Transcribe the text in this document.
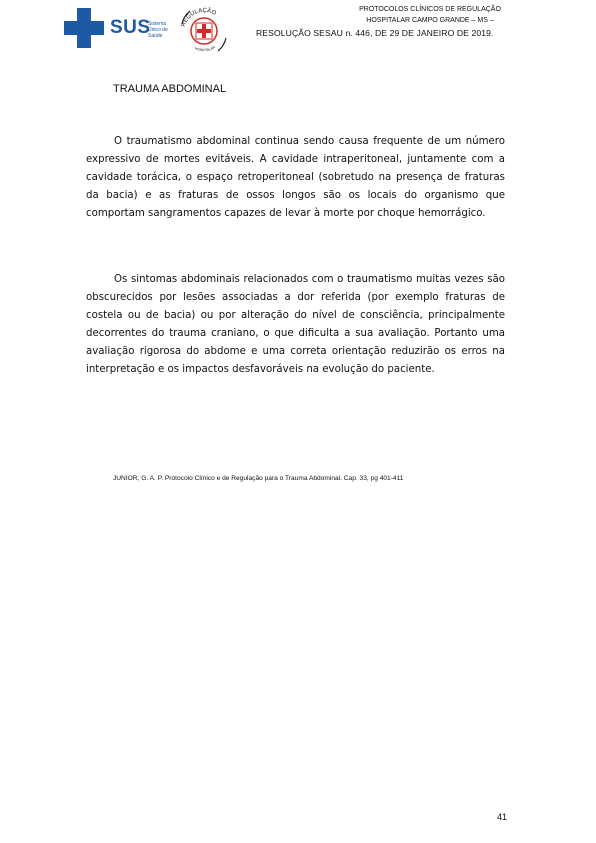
SUS
Sistema Único de Saúde
REGULAÇÃO
HOSPITALAR
PROTOCOLOS CLÍNICOS DE REGULAÇÃO
HOSPITALAR CAMPO GRANDE – MS –
RESOLUÇÃO SESAU n. 446, DE 29 DE JANEIRO DE 2019.
TRAUMA ABDOMINAL

O traumatismo abdominal continua sendo causa frequente de um número expressivo de mortes evitáveis. A cavidade intraperitoneal, juntamente com a cavidade torácica, o espaço retroperitoneal (sobretudo na presença de fraturas da bacia) e as fraturas de ossos longos são os locais do organismo que comportam sangramentos capazes de levar à morte por choque hemorrágico.

Os sintomas abdominais relacionados com o traumatismo muitas vezes são obscurecidos por lesões associadas a dor referida (por exemplo fraturas de costela ou de bacia) ou por alteração do nível de consciência, principalmente decorrentes do trauma craniano, o que dificulta a sua avaliação. Portanto uma avaliação rigorosa do abdome e uma correta orientação reduzirão os erros na interpretação e os impactos desfavoráveis na evolução do paciente.

JUNIOR, G. A. P. Protocolo Clínico e de Regulação para o Trauma Abdominal. Cap. 33, pg 401-411
41
